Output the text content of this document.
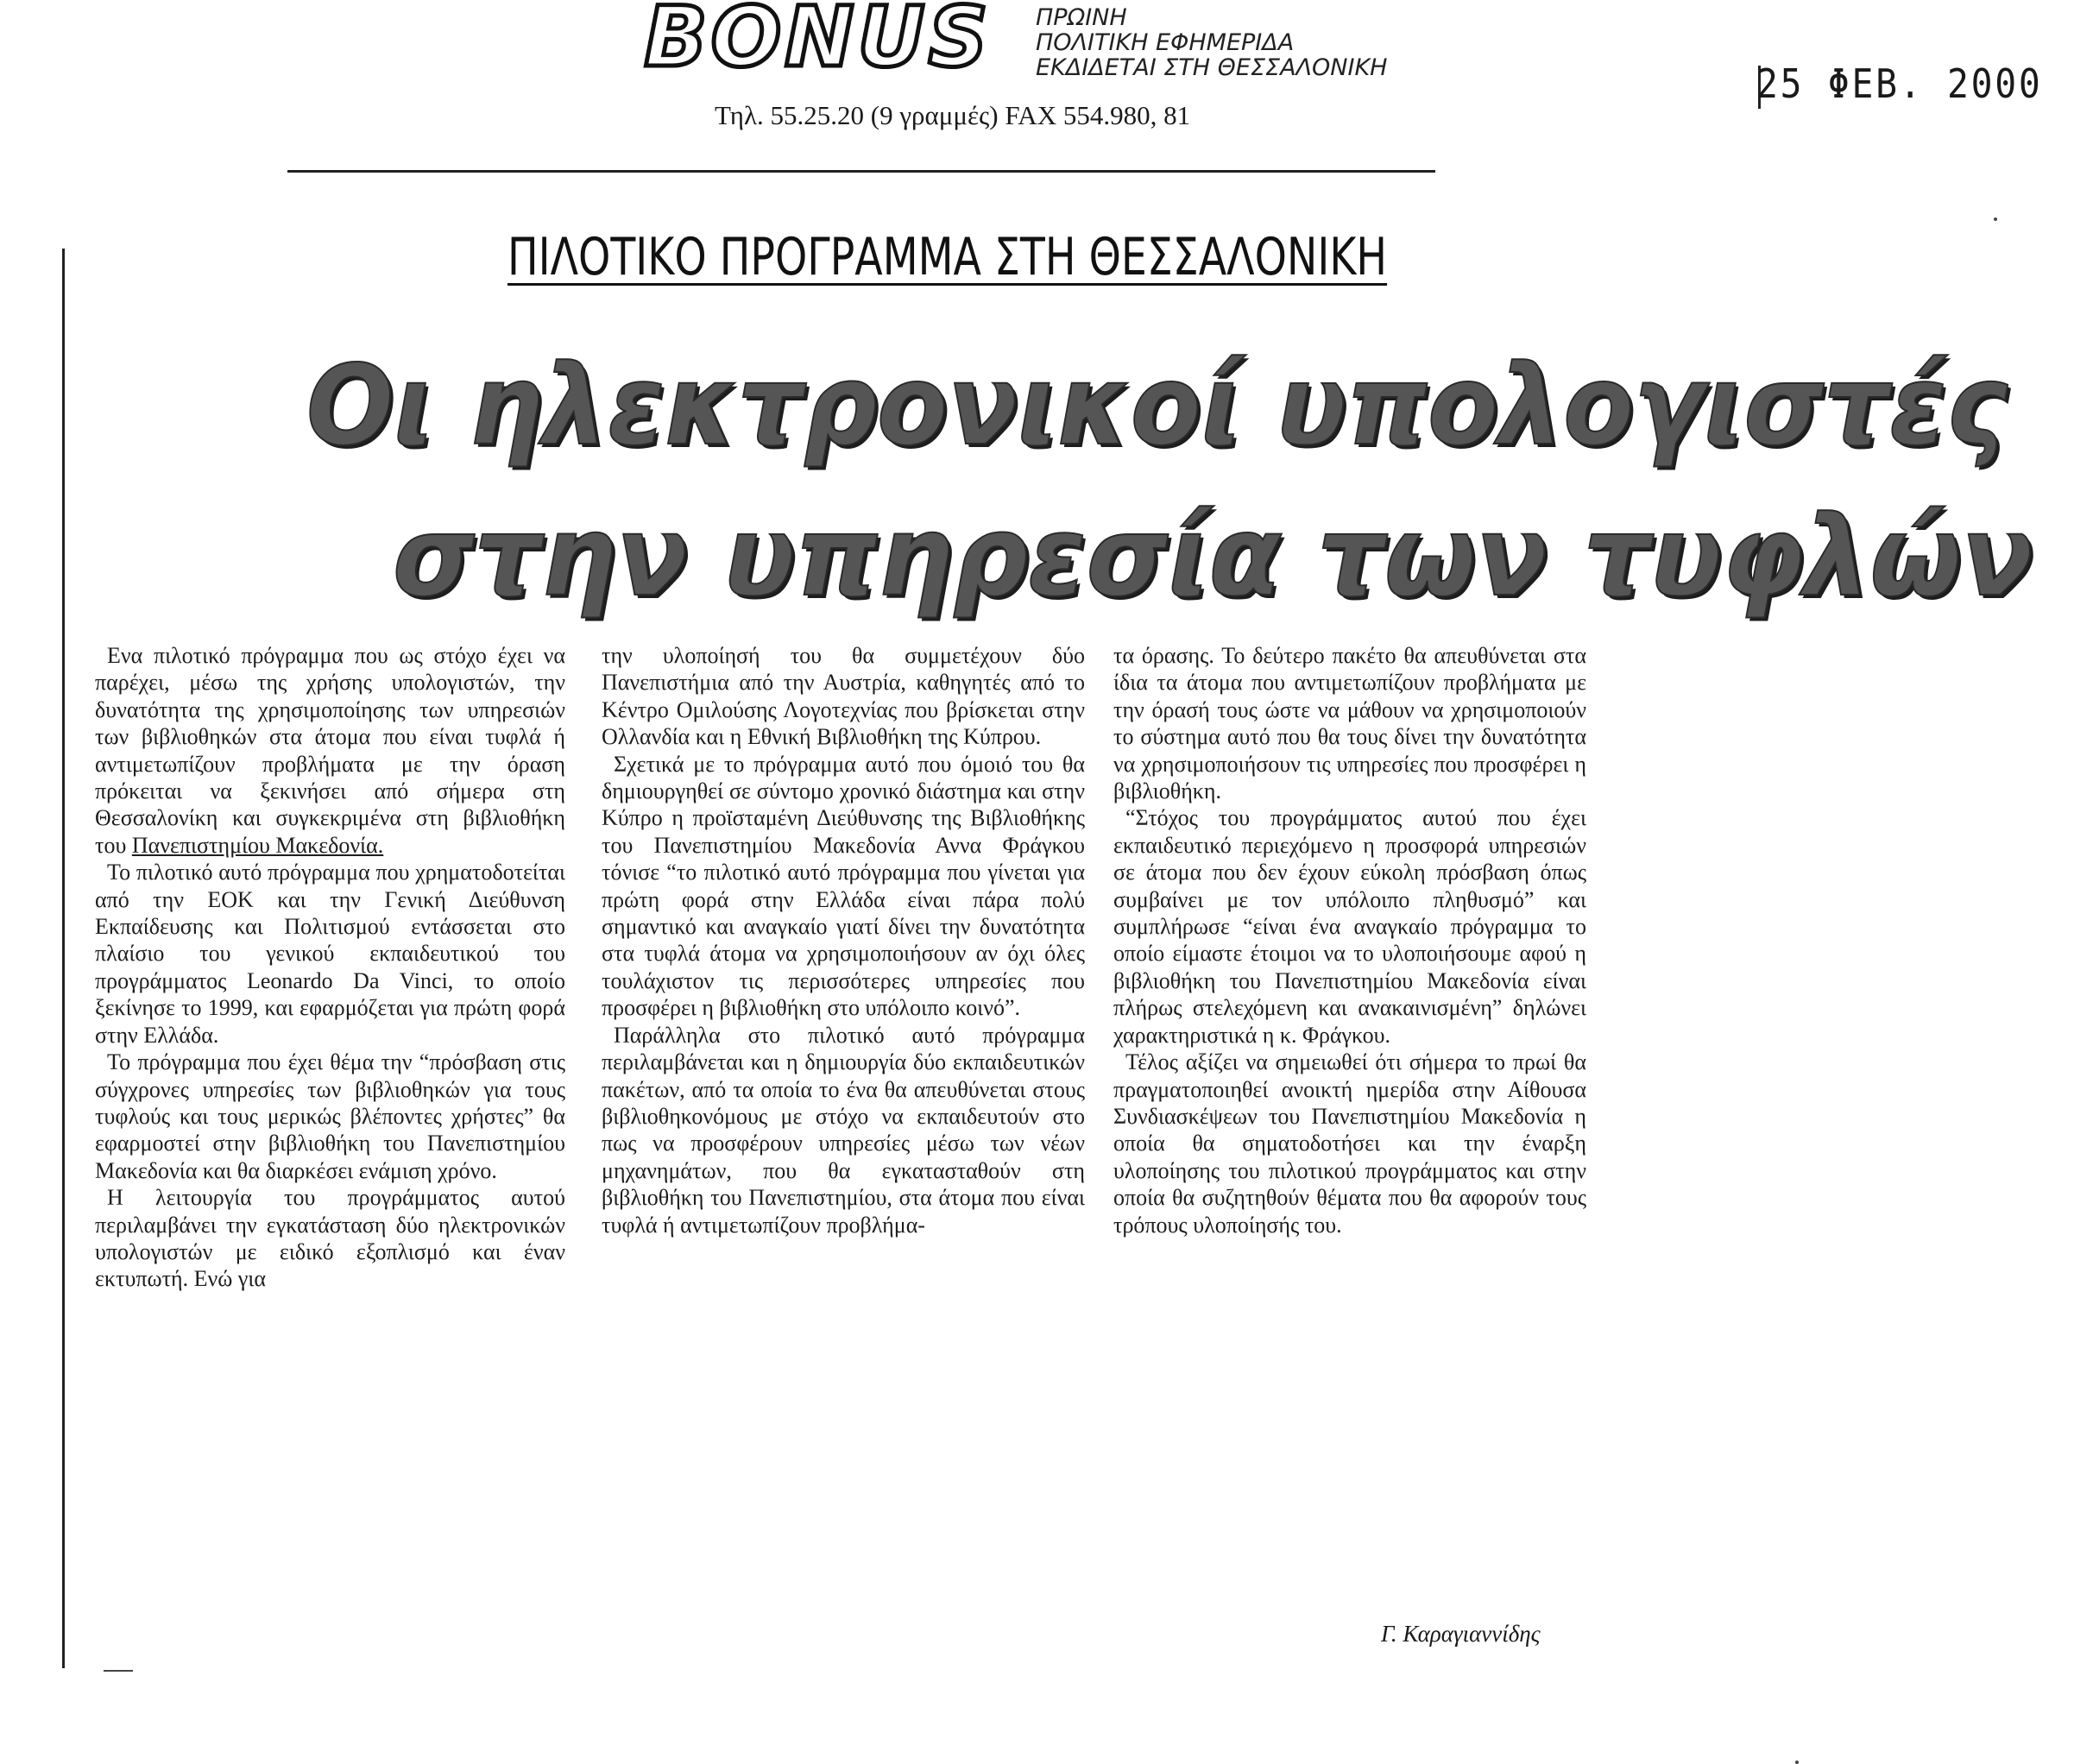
BONUS	ΠΡΩΙΝΗ
ΠΟΛΙΤΙΚΗ ΕΦΗΜΕΡΙΔΑ
ΕΚΔΙΔΕΤΑΙ ΣΤΗ ΘΕΣΣΑΛΟΝΙΚΗ
Τηλ. 55.25.20 (9 γραμμές) FAX 554.980, 81
25 ΦΕΒ. 2000
ΠΙΛΟΤΙΚΟ ΠΡΟΓΡΑΜΜΑ ΣΤΗ ΘΕΣΣΑΛΟΝΙΚΗ
Οι ηλεκτρονικοί υπολογιστές
στην υπηρεσία των τυφλών

Ενα πιλοτικό πρόγραμμα που ως στόχο έχει να παρέχει, μέσω της χρήσης υπολογιστών, την δυνατότητα της χρησιμοποίησης των υπηρεσιών των βιβλιοθηκών στα άτομα που είναι τυφλά ή αντιμετωπίζουν προβλήματα με την όραση πρόκειται να ξεκινήσει από σήμερα στη Θεσσαλονίκη και συγκεκριμένα στη βιβλιοθήκη του Πανεπιστημίου Μακεδονία.

Το πιλοτικό αυτό πρόγραμμα που χρηματοδοτείται από την ΕΟΚ και την Γενική Διεύθυνση Εκπαίδευσης και Πολιτισμού εντάσσεται στο πλαίσιο του γενικού εκπαιδευτικού του προγράμματος Leonardo Da Vinci, το οποίο ξεκίνησε το 1999, και εφαρμόζεται για πρώτη φορά στην Ελλάδα.

Το πρόγραμμα που έχει θέμα την “πρόσβαση στις σύγχρονες υπηρεσίες των βιβλιοθηκών για τους τυφλούς και τους μερικώς βλέποντες χρήστες” θα εφαρμοστεί στην βιβλιοθήκη του Πανεπιστημίου Μακεδονία και θα διαρκέσει ενάμιση χρόνο.

Η λειτουργία του προγράμματος αυτού περιλαμβάνει την εγκατάσταση δύο ηλεκτρονικών υπολογιστών με ειδικό εξοπλισμό και έναν εκτυπωτή. Ενώ για

την υλοποίησή του θα συμμετέχουν δύο Πανεπιστήμια από την Αυστρία, καθηγητές από το Κέντρο Ομιλούσης Λογοτεχνίας που βρίσκεται στην Ολλανδία και η Εθνική Βιβλιοθήκη της Κύπρου.

Σχετικά με το πρόγραμμα αυτό που όμοιό του θα δημιουργηθεί σε σύντομο χρονικό διάστημα και στην Κύπρο η προϊσταμένη Διεύθυνσης της Βιβλιοθήκης του Πανεπιστημίου Μακεδονία Αννα Φράγκου τόνισε “το πιλοτικό αυτό πρόγραμμα που γίνεται για πρώτη φορά στην Ελλάδα είναι πάρα πολύ σημαντικό και αναγκαίο γιατί δίνει την δυνατότητα στα τυφλά άτομα να χρησιμοποιήσουν αν όχι όλες τουλάχιστον τις περισσότερες υπηρεσίες που προσφέρει η βιβλιοθήκη στο υπόλοιπο κοινό”.

Παράλληλα στο πιλοτικό αυτό πρόγραμμα περιλαμβάνεται και η δημιουργία δύο εκπαιδευτικών πακέτων, από τα οποία το ένα θα απευθύνεται στους βιβλιοθηκονόμους με στόχο να εκπαιδευτούν στο πως να προσφέρουν υπηρεσίες μέσω των νέων μηχανημάτων, που θα εγκατασταθούν στη βιβλιοθήκη του Πανεπιστημίου, στα άτομα που είναι τυφλά ή αντιμετωπίζουν προβλήμα-

τα όρασης. Το δεύτερο πακέτο θα απευθύνεται στα ίδια τα άτομα που αντιμετωπίζουν προβλήματα με την όρασή τους ώστε να μάθουν να χρησιμοποιούν το σύστημα αυτό που θα τους δίνει την δυνατότητα να χρησιμοποιήσουν τις υπηρεσίες που προσφέρει η βιβλιοθήκη.

“Στόχος του προγράμματος αυτού που έχει εκπαιδευτικό περιεχόμενο η προσφορά υπηρεσιών σε άτομα που δεν έχουν εύκολη πρόσβαση όπως συμβαίνει με τον υπόλοιπο πληθυσμό” και συμπλήρωσε “είναι ένα αναγκαίο πρόγραμμα το οποίο είμαστε έτοιμοι να το υλοποιήσουμε αφού η βιβλιοθήκη του Πανεπιστημίου Μακεδονία είναι πλήρως στελεχόμενη και ανακαινισμένη” δηλώνει χαρακτηριστικά η κ. Φράγκου.

Τέλος αξίζει να σημειωθεί ότι σήμερα το πρωί θα πραγματοποιηθεί ανοικτή ημερίδα στην Αίθουσα Συνδιασκέψεων του Πανεπιστημίου Μακεδονία η οποία θα σηματοδοτήσει και την έναρξη υλοποίησης του πιλοτικού προγράμματος και στην οποία θα συζητηθούν θέματα που θα αφορούν τους τρόπους υλοποίησής του.

Γ. Καραγιαννίδης
